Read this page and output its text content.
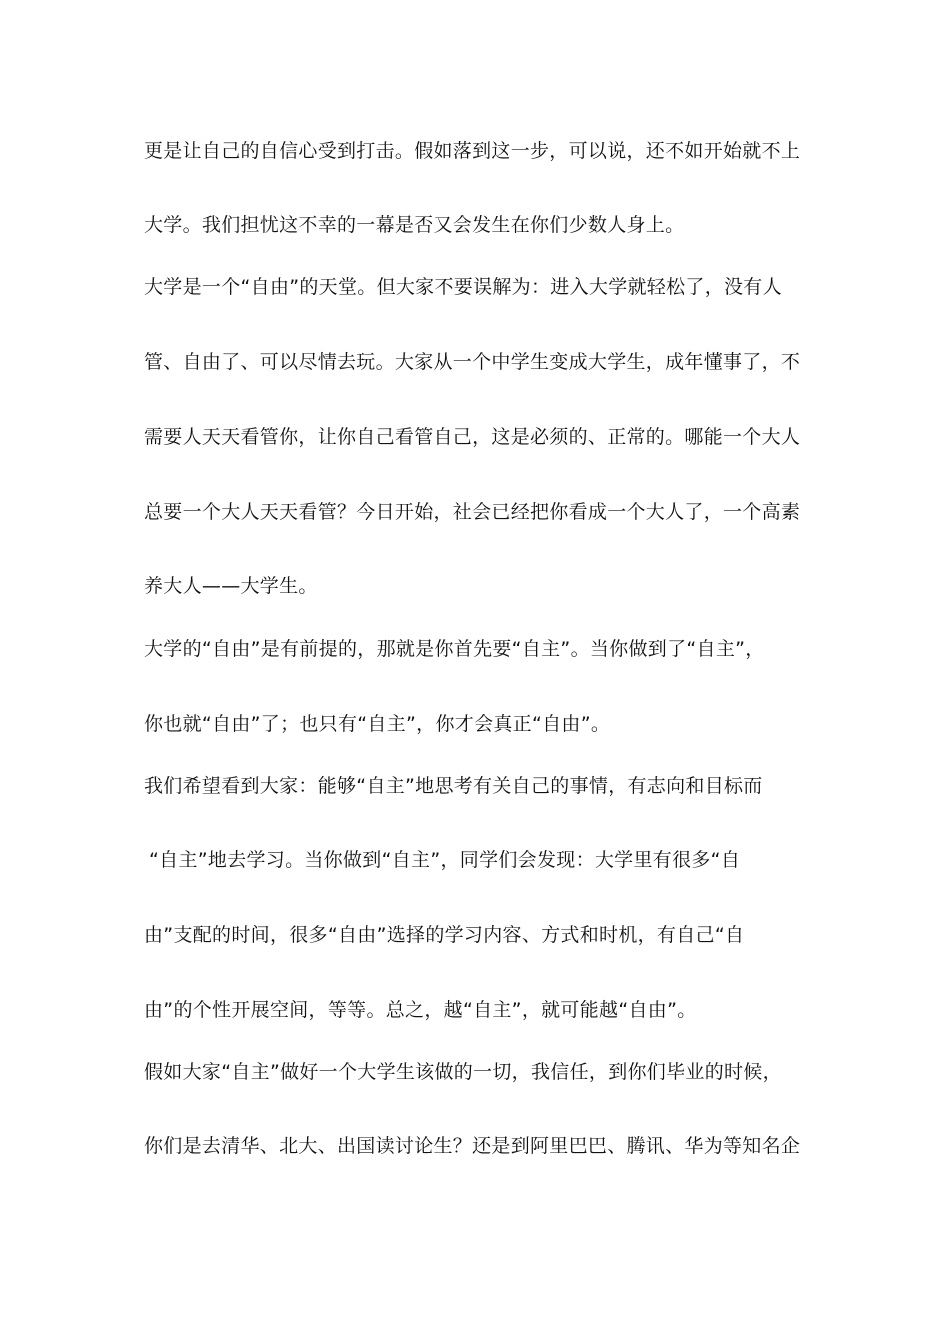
更是让自己的自信心受到打击。假如落到这一步，可以说，还不如开始就不上
大学。我们担忧这不幸的一幕是否又会发生在你们少数人身上。
大学是一个“自由”的天堂。但大家不要误解为：进入大学就轻松了，没有人
管、自由了、可以尽情去玩。大家从一个中学生变成大学生，成年懂事了，不
需要人天天看管你，让你自己看管自己，这是必须的、正常的。哪能一个大人
总要一个大人天天看管？今日开始，社会已经把你看成一个大人了，一个高素
养大人——大学生。
大学的“自由”是有前提的，那就是你首先要“自主”。当你做到了“自主”，
你也就“自由”了；也只有“自主”，你才会真正“自由”。
我们希望看到大家：能够“自主”地思考有关自己的事情，有志向和目标而
“自主”地去学习。当你做到“自主”，同学们会发现：大学里有很多“自
由”支配的时间，很多“自由”选择的学习内容、方式和时机，有自己“自
由”的个性开展空间，等等。总之，越“自主”，就可能越“自由”。
假如大家“自主”做好一个大学生该做的一切，我信任，到你们毕业的时候，
你们是去清华、北大、出国读讨论生？还是到阿里巴巴、腾讯、华为等知名企
